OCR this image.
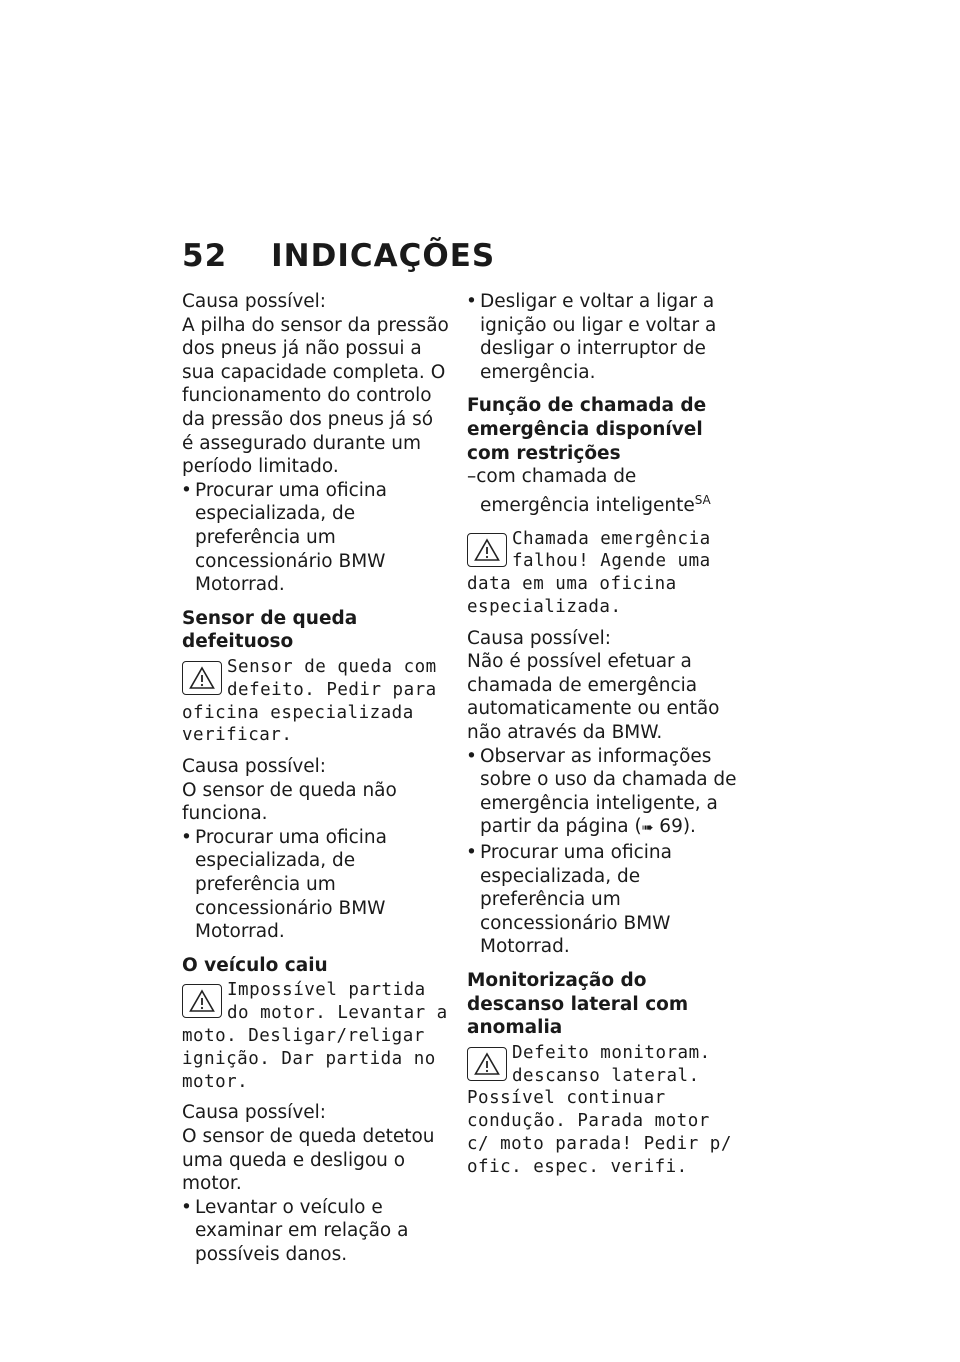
52 INDICAÇÕES

Causa possível:

A pilha do sensor da pressão dos pneus já não possui a sua capacidade completa. O funcionamento do controlo da pressão dos pneus já só é assegurado durante um período limitado.

• Procurar uma oficina especializada, de preferência um concessionário BMW Motorrad.

Sensor de queda defeituoso
Sensor de queda com defeito. Pedir para oficina especializada verificar.

Causa possível:

O sensor de queda não funciona.

• Procurar uma oficina especializada, de preferência um concessionário BMW Motorrad.

O veículo caiu
Impossível partida do motor. Levantar a moto. Desligar/religar ignição. Dar partida no motor.

Causa possível:

O sensor de queda detetou uma queda e desligou o motor.

• Levantar o veículo e examinar em relação a possíveis danos.

• Desligar e voltar a ligar a ignição ou ligar e voltar a desligar o interruptor de emergência.

Função de chamada de emergência disponível com restrições

–com chamada de emergência inteligente$^{SA}$

Chamada emergência falhou! Agende uma data em uma oficina especializada.

Causa possível:

Não é possível efetuar a chamada de emergência automaticamente ou então não através da BMW.

• Observar as informações sobre o uso da chamada de emergência inteligente, a partir da página (➠ 69).

• Procurar uma oficina especializada, de preferência um concessionário BMW Motorrad.

Monitorização do descanso lateral com anomalia
Defeito monitoram. descanso lateral. Possível continuar condução. Parada motor c/ moto parada! Pedir p/ ofic. espec. verifi.
